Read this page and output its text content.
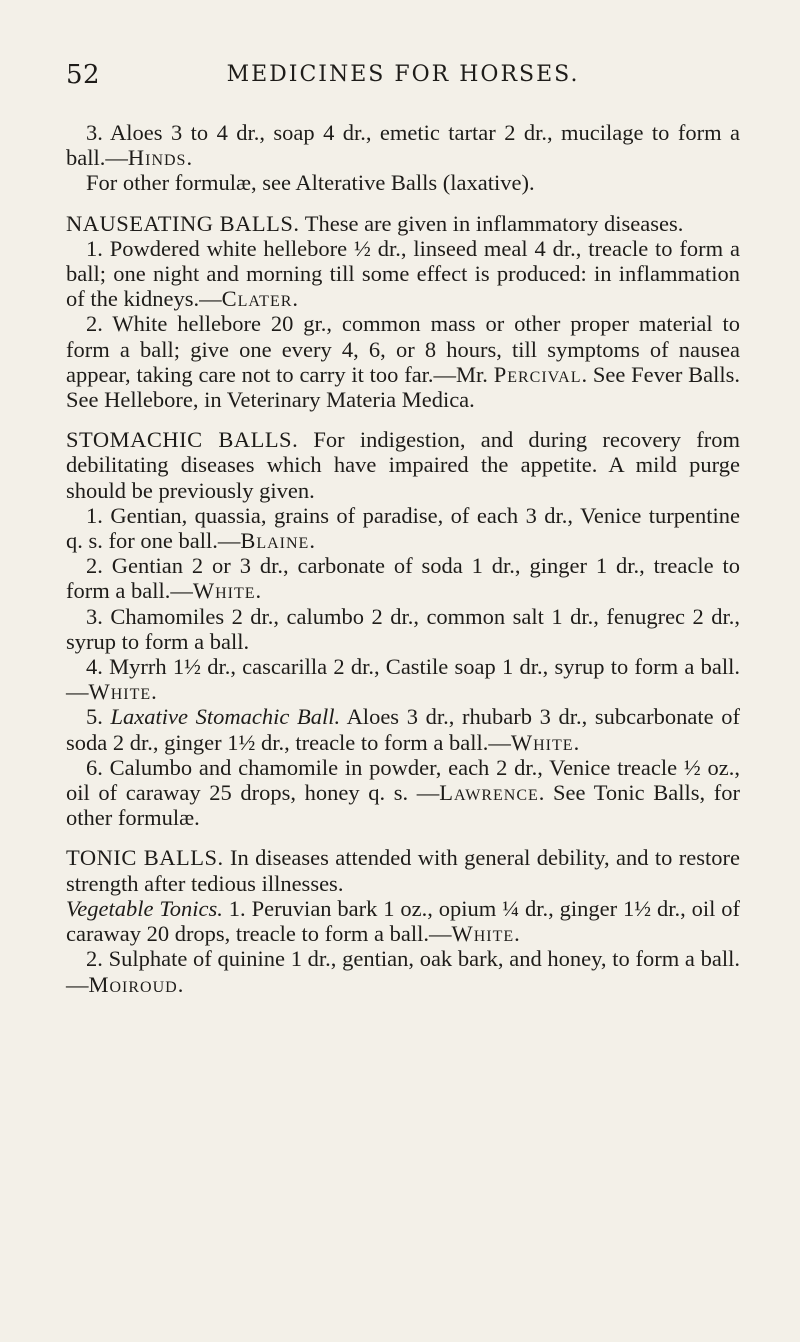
52	MEDICINES FOR HORSES.

3. Aloes 3 to 4 dr., soap 4 dr., emetic tartar 2 dr., mucilage to form a ball.—Hinds.

For other formulæ, see Alterative Balls (laxative).

NAUSEATING BALLS. These are given in inflammatory diseases.

1. Powdered white hellebore ½ dr., linseed meal 4 dr., treacle to form a ball; one night and morning till some effect is produced: in inflammation of the kidneys.—Clater.

2. White hellebore 20 gr., common mass or other proper material to form a ball; give one every 4, 6, or 8 hours, till symptoms of nausea appear, taking care not to carry it too far.—Mr. Percival. See Fever Balls. See Hellebore, in Veterinary Materia Medica.

STOMACHIC BALLS. For indigestion, and during recovery from debilitating diseases which have impaired the appetite. A mild purge should be previously given.

1. Gentian, quassia, grains of paradise, of each 3 dr., Venice turpentine q. s. for one ball.—Blaine.

2. Gentian 2 or 3 dr., carbonate of soda 1 dr., ginger 1 dr., treacle to form a ball.—White.

3. Chamomiles 2 dr., calumbo 2 dr., common salt 1 dr., fenugrec 2 dr., syrup to form a ball.

4. Myrrh 1½ dr., cascarilla 2 dr., Castile soap 1 dr., syrup to form a ball.—White.

5. Laxative Stomachic Ball. Aloes 3 dr., rhubarb 3 dr., subcarbonate of soda 2 dr., ginger 1½ dr., treacle to form a ball.—White.

6. Calumbo and chamomile in powder, each 2 dr., Venice treacle ½ oz., oil of caraway 25 drops, honey q. s. —Lawrence. See Tonic Balls, for other formulæ.

TONIC BALLS. In diseases attended with general debility, and to restore strength after tedious illnesses.

Vegetable Tonics. 1. Peruvian bark 1 oz., opium ¼ dr., ginger 1½ dr., oil of caraway 20 drops, treacle to form a ball.—White.

2. Sulphate of quinine 1 dr., gentian, oak bark, and honey, to form a ball.—Moiroud.
